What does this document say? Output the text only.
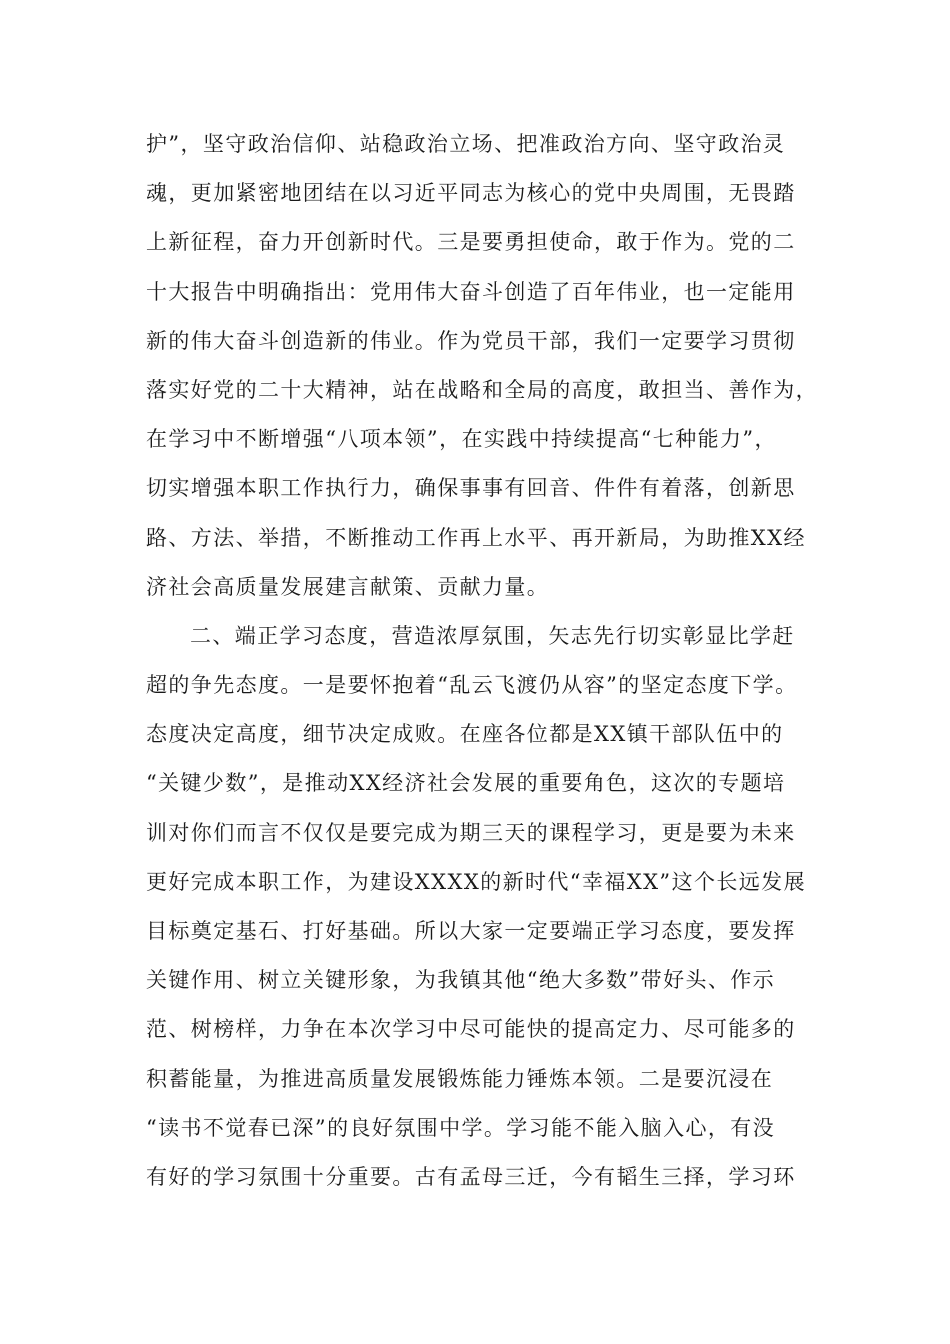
护”，坚守政治信仰、站稳政治立场、把准政治方向、坚守政治灵
魂，更加紧密地团结在以习近平同志为核心的党中央周围，无畏踏
上新征程，奋力开创新时代。三是要勇担使命，敢于作为。党的二
十大报告中明确指出：党用伟大奋斗创造了百年伟业，也一定能用
新的伟大奋斗创造新的伟业。作为党员干部，我们一定要学习贯彻
落实好党的二十大精神，站在战略和全局的高度，敢担当、善作为，
在学习中不断增强“八项本领”，在实践中持续提高“七种能力”，
切实增强本职工作执行力，确保事事有回音、件件有着落，创新思
路、方法、举措，不断推动工作再上水平、再开新局，为助推XX经
济社会高质量发展建言献策、贡献力量。
二、端正学习态度，营造浓厚氛围，矢志先行切实彰显比学赶
超的争先态度。一是要怀抱着“乱云飞渡仍从容”的坚定态度下学。
态度决定高度，细节决定成败。在座各位都是XX镇干部队伍中的
“关键少数”，是推动XX经济社会发展的重要角色，这次的专题培
训对你们而言不仅仅是要完成为期三天的课程学习，更是要为未来
更好完成本职工作，为建设XXXX的新时代“幸福XX”这个长远发展
目标奠定基石、打好基础。所以大家一定要端正学习态度，要发挥
关键作用、树立关键形象，为我镇其他“绝大多数”带好头、作示
范、树榜样，力争在本次学习中尽可能快的提高定力、尽可能多的
积蓄能量，为推进高质量发展锻炼能力锤炼本领。二是要沉浸在
“读书不觉春已深”的良好氛围中学。学习能不能入脑入心，有没
有好的学习氛围十分重要。古有孟母三迁，今有韬生三择，学习环
